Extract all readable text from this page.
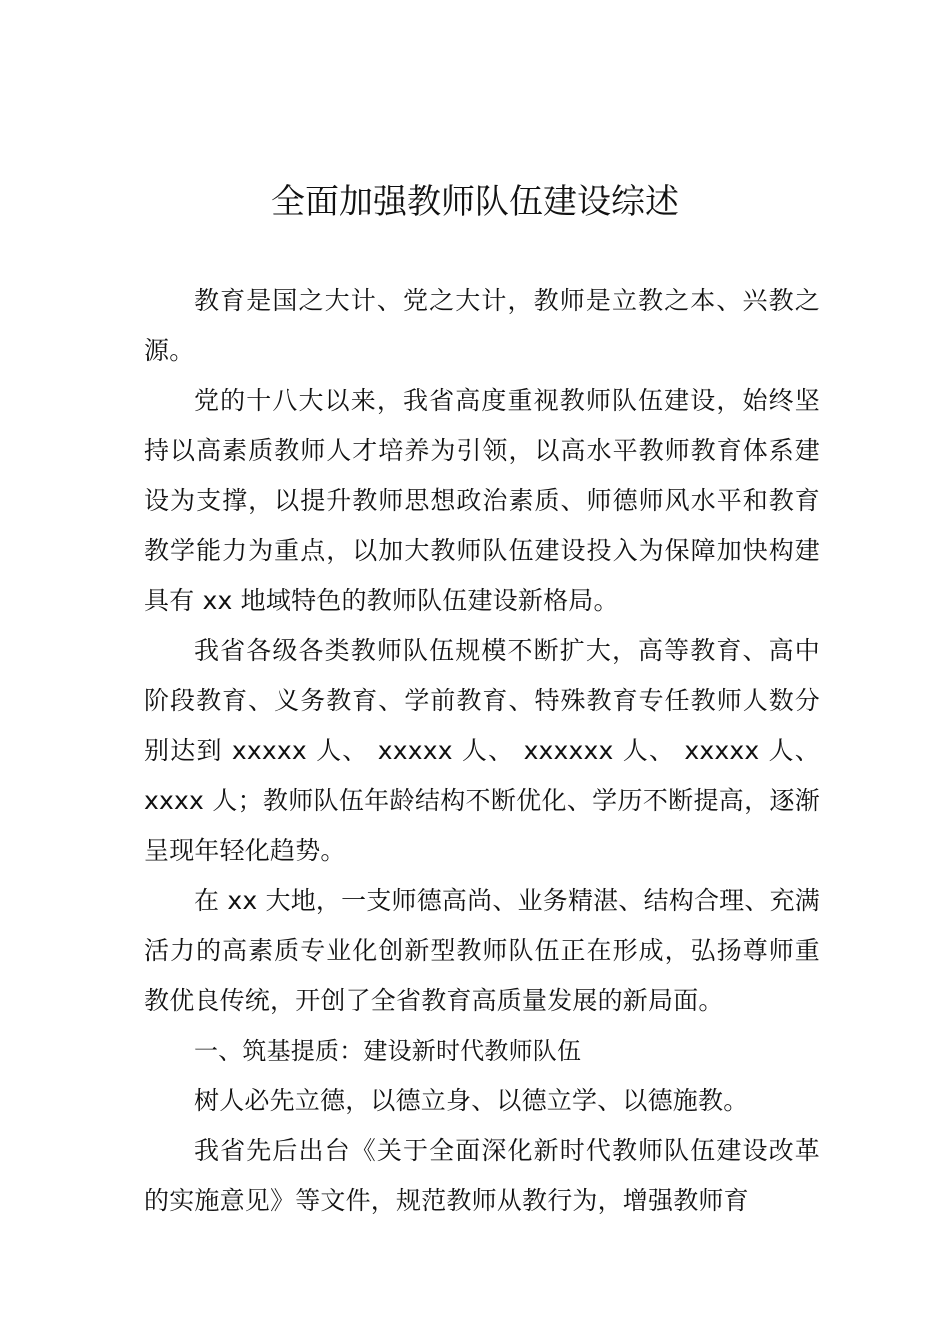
全面加强教师队伍建设综述

教育是国之大计、党之大计，教师是立教之本、兴教之源。

党的十八大以来，我省高度重视教师队伍建设，始终坚持以高素质教师人才培养为引领，以高水平教师教育体系建设为支撑，以提升教师思想政治素质、师德师风水平和教育教学能力为重点，以加大教师队伍建设投入为保障加快构建具有 xx 地域特色的教师队伍建设新格局。

我省各级各类教师队伍规模不断扩大，高等教育、高中阶段教育、义务教育、学前教育、特殊教育专任教师人数分别达到 xxxxx 人、 xxxxx 人、 xxxxxx 人、 xxxxx 人、 xxxx 人；教师队伍年龄结构不断优化、学历不断提高，逐渐呈现年轻化趋势。

在 xx 大地，一支师德高尚、业务精湛、结构合理、充满活力的高素质专业化创新型教师队伍正在形成，弘扬尊师重教优良传统，开创了全省教育高质量发展的新局面。

一、筑基提质：建设新时代教师队伍

树人必先立德，以德立身、以德立学、以德施教。

我省先后出台《关于全面深化新时代教师队伍建设改革的实施意见》等文件，规范教师从教行为，增强教师育
